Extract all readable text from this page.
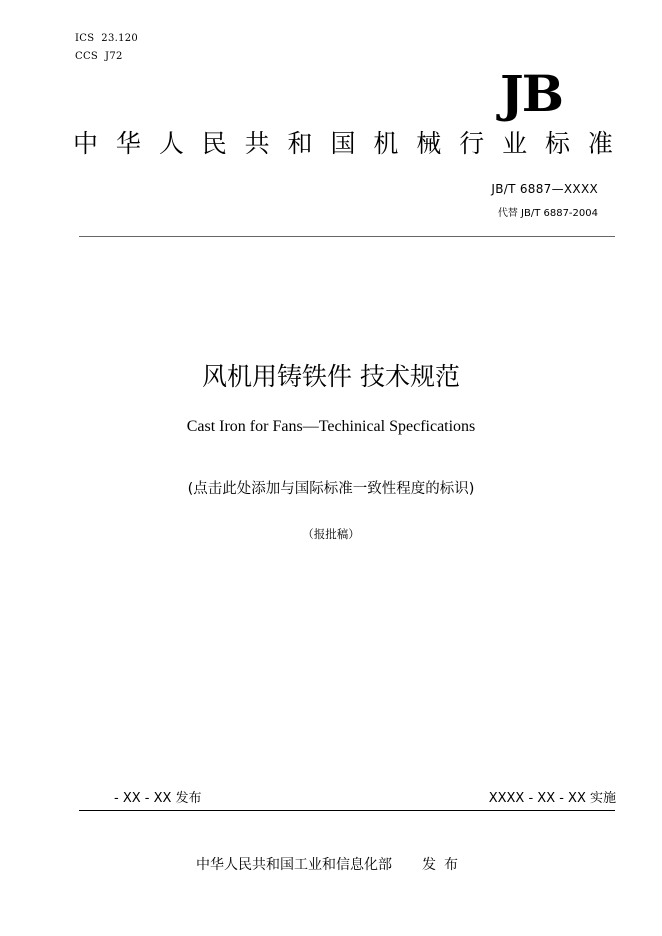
ICS  23.120
CCS  J72
JB
中 华 人 民 共 和 国 机 械 行 业 标 准
JB/T 6887—XXXX
代替 JB/T 6887-2004
风机用铸铁件 技术规范
Cast Iron for Fans—Techinical Specfications
(点击此处添加与国际标准一致性程度的标识)
（报批稿）
- XX - XX 发布	XXXX - XX - XX 实施
中华人民共和国工业和信息化部 发布
